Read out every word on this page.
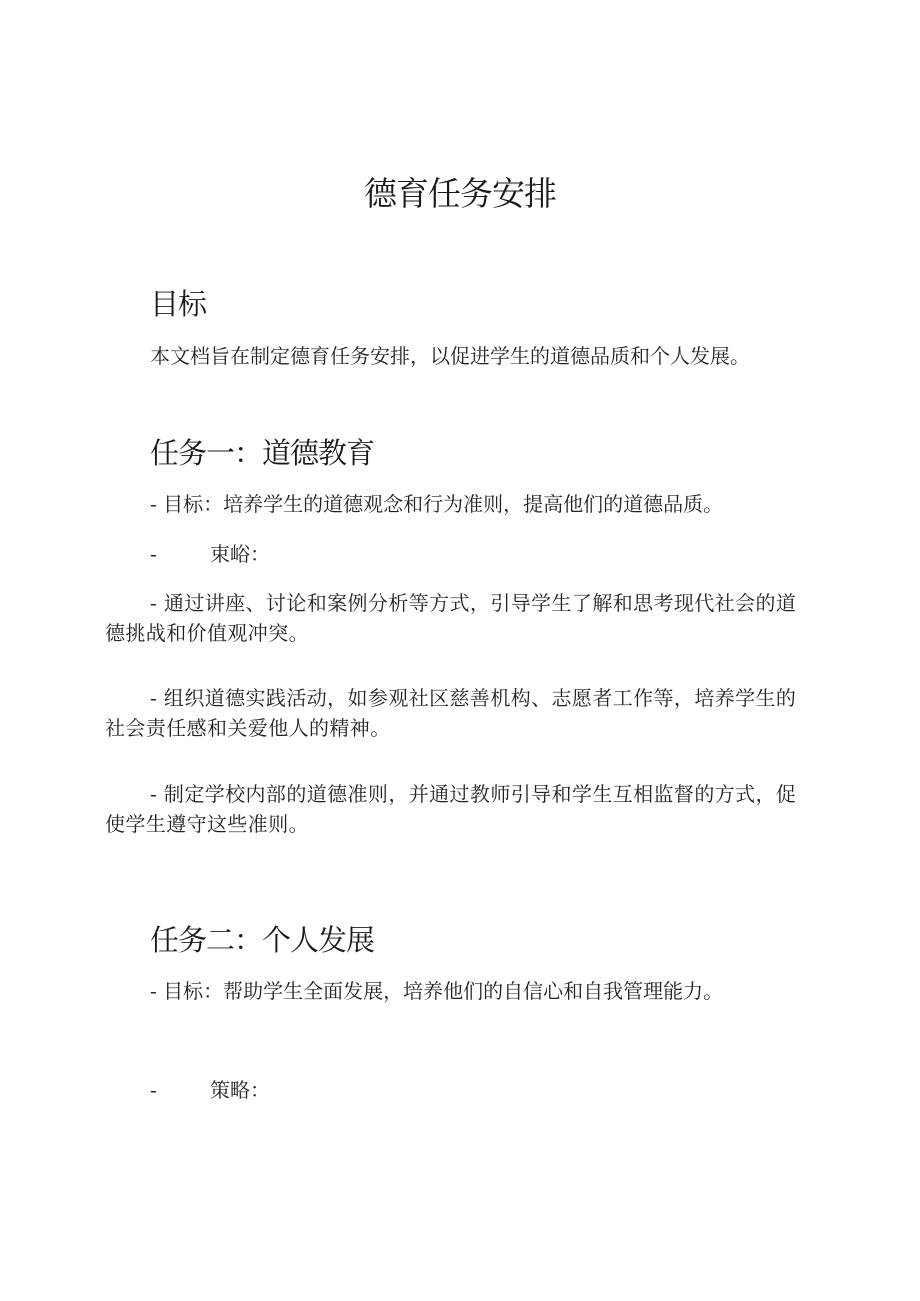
德育任务安排
目标

本文档旨在制定德育任务安排，以促进学生的道德品质和个人发展。

任务一：道德教育

- 目标：培养学生的道德观念和行为准则，提高他们的道德品质。

-	束峪：

- 通过讲座、讨论和案例分析等方式，引导学生了解和思考现代社会的道德挑战和价值观冲突。

- 组织道德实践活动，如参观社区慈善机构、志愿者工作等，培养学生的社会责任感和关爱他人的精神。

- 制定学校内部的道德准则，并通过教师引导和学生互相监督的方式，促使学生遵守这些准则。

任务二：个人发展

- 目标：帮助学生全面发展，培养他们的自信心和自我管理能力。

-	策略：
